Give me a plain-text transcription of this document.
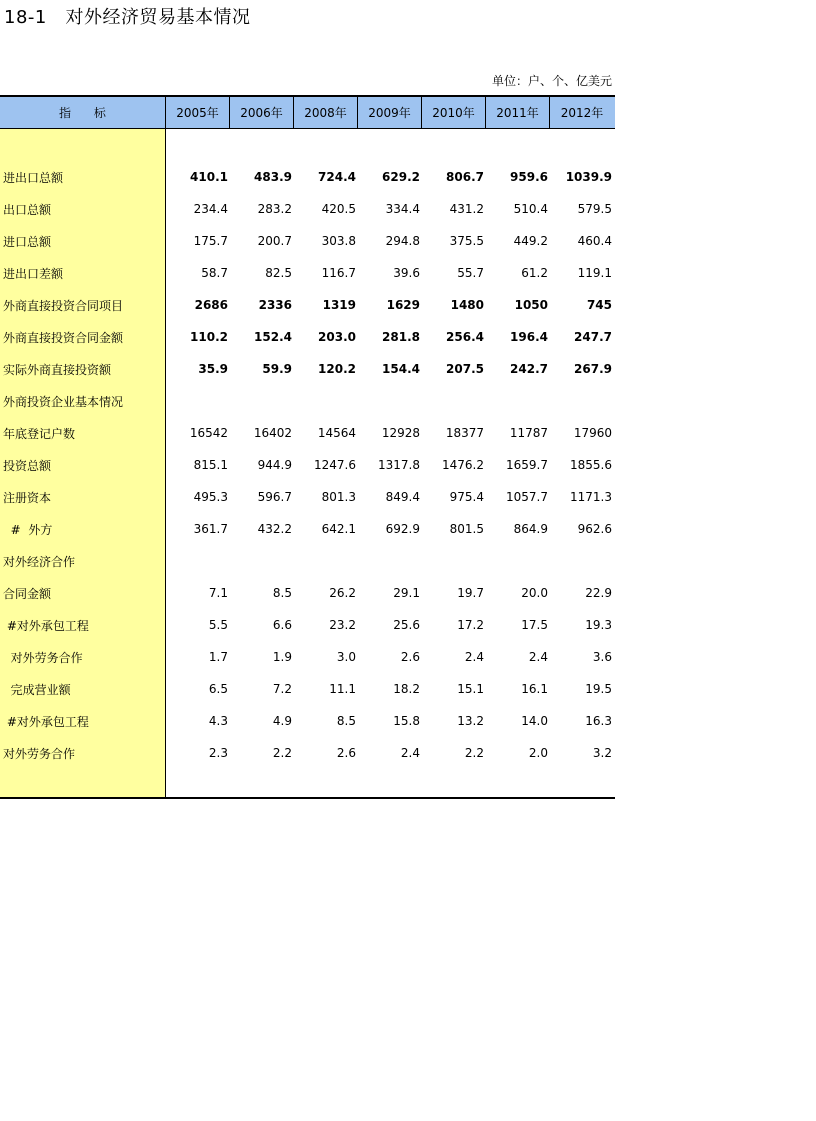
18-1   对外经济贸易基本情况
单位：户、个、亿美元
指      标	2005年	2006年	2008年	2009年	2010年	2011年	2012年
进出口总额	410.1	483.9	724.4	629.2	806.7	959.6	1039.9
出口总额	234.4	283.2	420.5	334.4	431.2	510.4	579.5
进口总额	175.7	200.7	303.8	294.8	375.5	449.2	460.4
进出口差额	58.7	82.5	116.7	39.6	55.7	61.2	119.1
外商直接投资合同项目	2686	2336	1319	1629	1480	1050	745
外商直接投资合同金额	110.2	152.4	203.0	281.8	256.4	196.4	247.7
实际外商直接投资额	35.9	59.9	120.2	154.4	207.5	242.7	267.9
外商投资企业基本情况
年底登记户数	16542	16402	14564	12928	18377	11787	17960
投资总额	815.1	944.9	1247.6	1317.8	1476.2	1659.7	1855.6
注册资本	495.3	596.7	801.3	849.4	975.4	1057.7	1171.3
#  外方	361.7	432.2	642.1	692.9	801.5	864.9	962.6
对外经济合作
合同金额	7.1	8.5	26.2	29.1	19.7	20.0	22.9
#对外承包工程	5.5	6.6	23.2	25.6	17.2	17.5	19.3
对外劳务合作	1.7	1.9	3.0	2.6	2.4	2.4	3.6
完成营业额	6.5	7.2	11.1	18.2	15.1	16.1	19.5
#对外承包工程	4.3	4.9	8.5	15.8	13.2	14.0	16.3
对外劳务合作	2.3	2.2	2.6	2.4	2.2	2.0	3.2
